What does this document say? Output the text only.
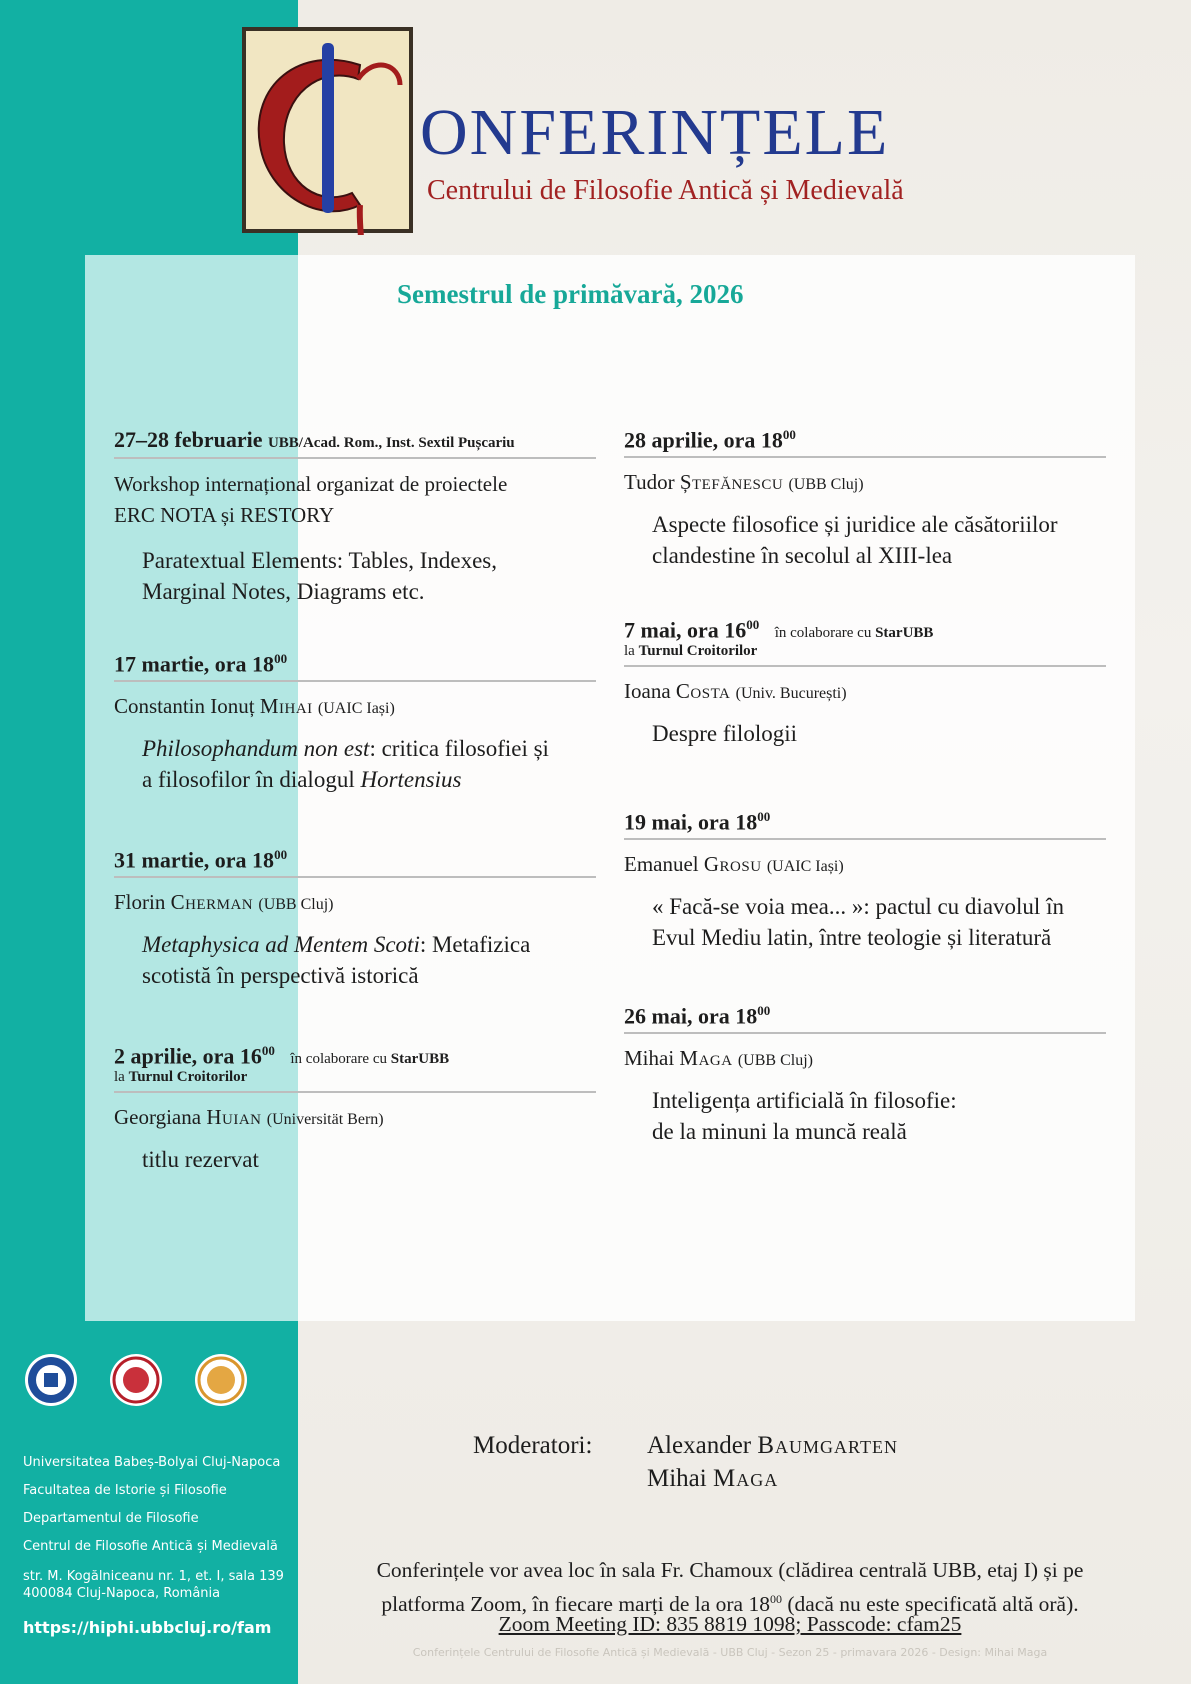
ONFERINȚELE
Centrului de Filosofie Antică și Medievală
Semestrul de primăvară, 2026
27–28 februarie UBB/Acad. Rom., Inst. Sextil Pușcariu
Workshop internațional organizat de proiectele
ERC NOTA și RESTORY
Paratextual Elements: Tables, Indexes,
Marginal Notes, Diagrams etc.
17 martie, ora $18^{00}$
Constantin Ionuț Mihai (UAIC Iași)
Philosophandum non est: critica filosofiei și
a filosofilor în dialogul Hortensius
31 martie, ora $18^{00}$
Florin Cherman (UBB Cluj)
Metaphysica ad Mentem Scoti: Metafizica
scotistă în perspectivă istorică
2 aprilie, ora $16^{00}$ în colaborare cu StarUBB
la Turnul Croitorilor
Georgiana Huian (Universität Bern)
titlu rezervat
28 aprilie, ora $18^{00}$
Tudor Ștefănescu (UBB Cluj)
Aspecte filosofice și juridice ale căsătoriilor
clandestine în secolul al XIII-lea
7 mai, ora $16^{00}$ în colaborare cu StarUBB
la Turnul Croitorilor
Ioana Costa (Univ. București)
Despre filologii
19 mai, ora $18^{00}$
Emanuel Grosu (UAIC Iași)
« Facă-se voia mea... »: pactul cu diavolul în
Evul Mediu latin, între teologie și literatură
26 mai, ora $18^{00}$
Mihai Maga (UBB Cluj)
Inteligența artificială în filosofie:
de la minuni la muncă reală
Universitatea Babeș-Bolyai Cluj-Napoca
Facultatea de Istorie și Filosofie
Departamentul de Filosofie
Centrul de Filosofie Antică și Medievală
str. M. Kogălniceanu nr. 1, et. I, sala 139
400084 Cluj-Napoca, România
https://hiphi.ubbcluj.ro/fam
Moderatori: Alexander Baumgarten
Mihai Maga
Conferințele vor avea loc în sala Fr. Chamoux (clădirea centrală UBB, etaj I) și pe
platforma Zoom, în fiecare marți de la ora $18^{00}$ (dacă nu este specificată altă oră).
Zoom Meeting ID: 835 8819 1098; Passcode: cfam25
Conferințele Centrului de Filosofie Antică și Medievală - UBB Cluj - Sezon 25 - primavara 2026 - Design: Mihai Maga
